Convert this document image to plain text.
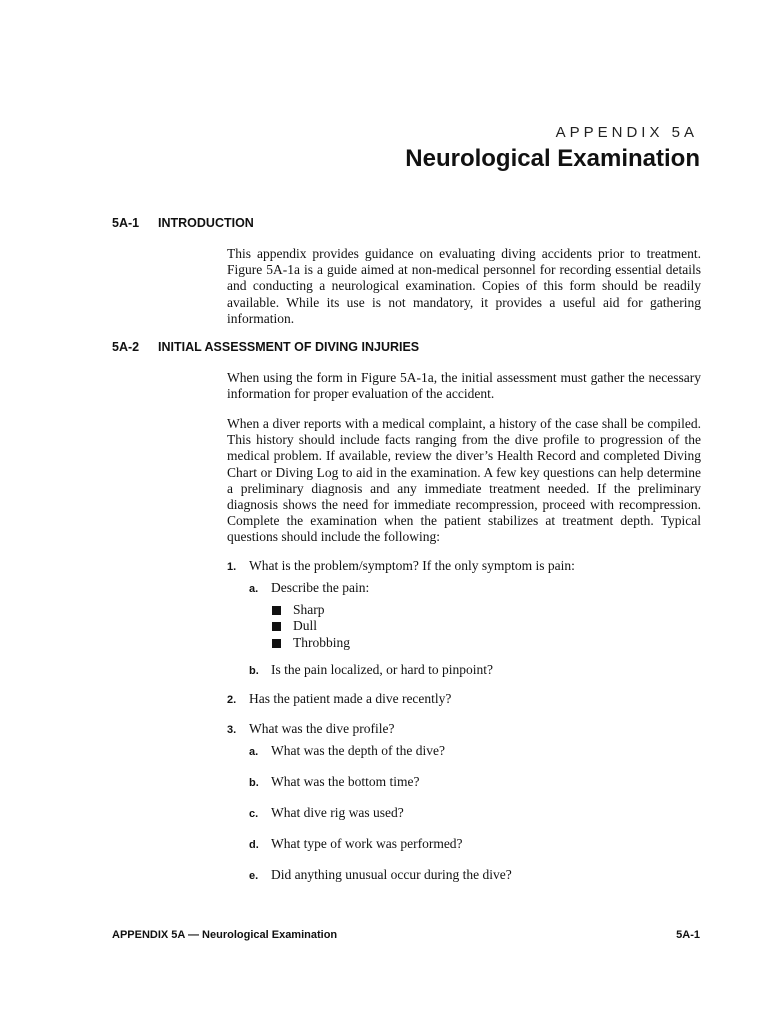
APPENDIX 5A
Neurological Examination
5A-1	INTRODUCTION

This appendix provides guidance on evaluating diving accidents prior to treatment. Figure 5A-1a is a guide aimed at non-medical personnel for recording essential details and conducting a neurological examination. Copies of this form should be readily available. While its use is not mandatory, it provides a useful aid for gathering information.

5A-2	INITIAL ASSESSMENT OF DIVING INJURIES

When using the form in Figure 5A-1a, the initial assessment must gather the necessary information for proper evaluation of the accident.

When a diver reports with a medical complaint, a history of the case shall be compiled. This history should include facts ranging from the dive profile to progression of the medical problem. If available, review the diver’s Health Record and completed Diving Chart or Diving Log to aid in the examination. A few key questions can help determine a preliminary diagnosis and any immediate treatment needed. If the preliminary diagnosis shows the need for immediate recompression, proceed with recompression. Complete the examination when the patient stabilizes at treatment depth. Typical questions should include the following:

1. What is the problem/symptom? If the only symptom is pain:
a. Describe the pain:
Sharp
Dull
Throbbing
b. Is the pain localized, or hard to pinpoint?
2. Has the patient made a dive recently?
3. What was the dive profile?
a. What was the depth of the dive?
b. What was the bottom time?
c. What dive rig was used?
d. What type of work was performed?
e. Did anything unusual occur during the dive?
APPENDIX 5A — Neurological Examination	5A-1
